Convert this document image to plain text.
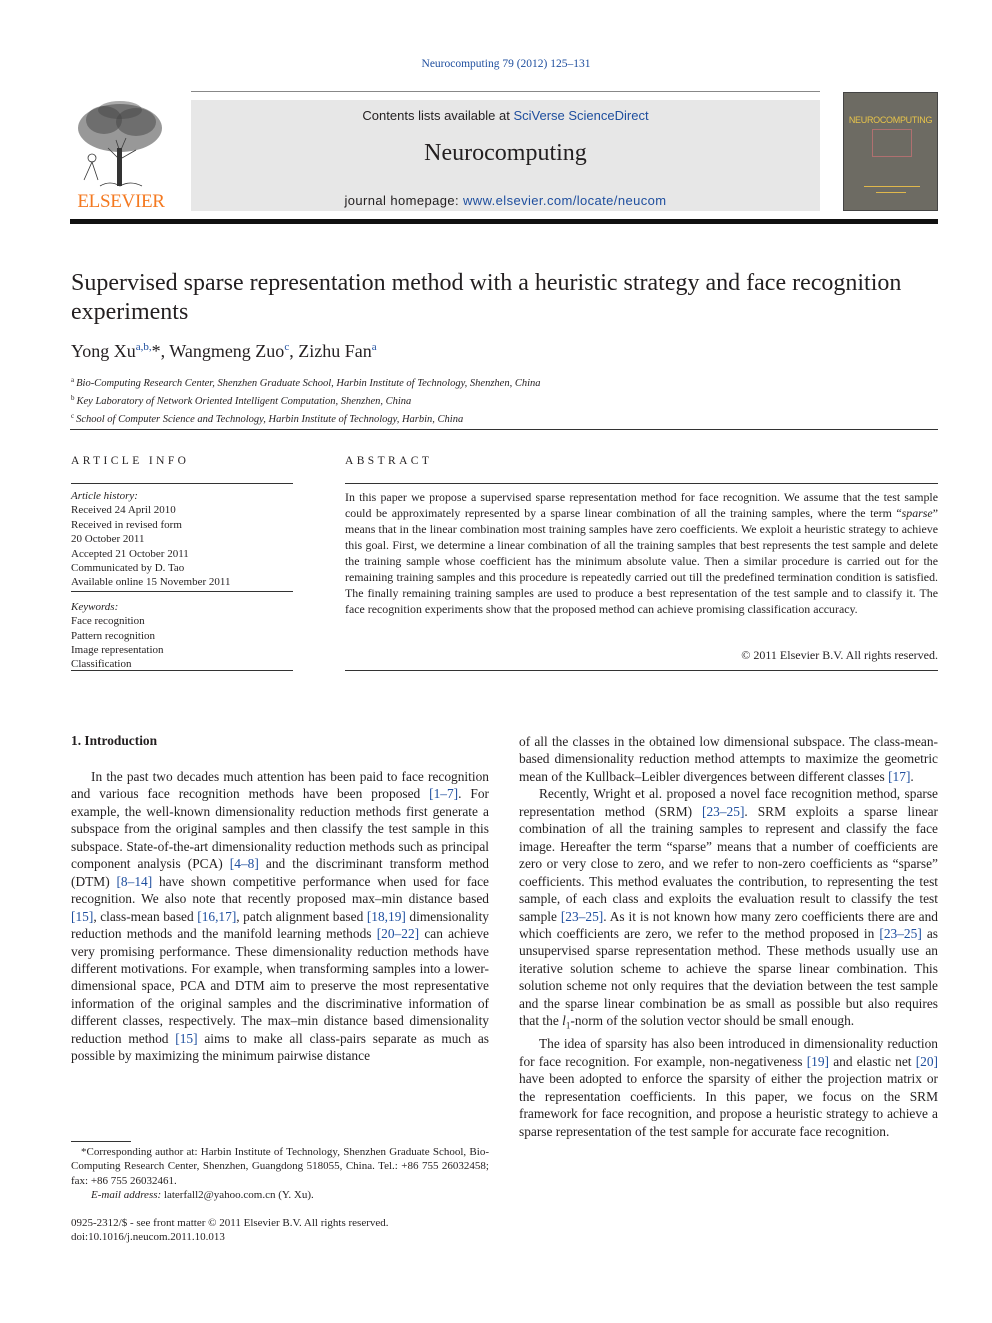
Neurocomputing 79 (2012) 125–131
ELSEVIER
Contents lists available at SciVerse ScienceDirect
Neurocomputing
journal homepage: www.elsevier.com/locate/neucom
NEUROCOMPUTING
Supervised sparse representation method with a heuristic strategy and face recognition experiments
Yong $Xu^{a,b,}*$, Wangmeng Zuo$^c$, Zizhu Fan$^a$
$^a$ Bio-Computing Research Center, Shenzhen Graduate School, Harbin Institute of Technology, Shenzhen, China
$^b$ Key Laboratory of Network Oriented Intelligent Computation, Shenzhen, China
$^c$ School of Computer Science and Technology, Harbin Institute of Technology, Harbin, China
ARTICLE INFO
Article history:
Received 24 April 2010
Received in revised form
20 October 2011
Accepted 21 October 2011
Communicated by D. Tao
Available online 15 November 2011
Keywords:
Face recognition
Pattern recognition
Image representation
Classification
ABSTRACT
In this paper we propose a supervised sparse representation method for face recognition. We assume that the test sample could be approximately represented by a sparse linear combination of all the training samples, where the term “sparse” means that in the linear combination most training samples have zero coefficients. We exploit a heuristic strategy to achieve this goal. First, we determine a linear combination of all the training samples that best represents the test sample and delete the training sample whose coefficient has the minimum absolute value. Then a similar procedure is carried out for the remaining training samples and this procedure is repeatedly carried out till the predefined termination condition is satisfied. The finally remaining training samples are used to produce a best representation of the test sample and to classify it. The face recognition experiments show that the proposed method can achieve promising classification accuracy.
© 2011 Elsevier B.V. All rights reserved.
1. Introduction

In the past two decades much attention has been paid to face recognition and various face recognition methods have been proposed [1–7]. For example, the well-known dimensionality reduction methods first generate a subspace from the original samples and then classify the test sample in this subspace. State-of-the-art dimensionality reduction methods such as principal component analysis (PCA) [4–8] and the discriminant transform method (DTM) [8–14] have shown competitive performance when used for face recognition. We also note that recently proposed max–min distance based [15], class-mean based [16,17], patch alignment based [18,19] dimensionality reduction methods and the manifold learning methods [20–22] can achieve very promising performance. These dimensionality reduction methods have different motivations. For example, when transforming samples into a lower-dimensional space, PCA and DTM aim to preserve the most representative information of the original samples and the discriminative information of different classes, respectively. The max–min distance based dimensionality reduction method [15] aims to make all class-pairs separate as much as possible by maximizing the minimum pairwise distance

of all the classes in the obtained low dimensional subspace. The class-mean-based dimensionality reduction method attempts to maximize the geometric mean of the Kullback–Leibler divergences between different classes [17].

Recently, Wright et al. proposed a novel face recognition method, sparse representation method (SRM) [23–25]. SRM exploits a sparse linear combination of all the training samples to represent and classify the face image. Hereafter the term “sparse” means that a number of coefficients are zero or very close to zero, and we refer to non-zero coefficients as “sparse” coefficients. This method evaluates the contribution, to representing the test sample, of each class and exploits the evaluation result to classify the test sample [23–25]. As it is not known how many zero coefficients there are and which coefficients are zero, we refer to the method proposed in [23–25] as unsupervised sparse representation method. These methods usually use an iterative solution scheme to achieve the sparse linear combination. This solution scheme not only requires that the deviation between the test sample and the sparse linear combination be as small as possible but also requires that the $l_1$-norm of the solution vector should be small enough.

The idea of sparsity has also been introduced in dimensionality reduction for face recognition. For example, non-negativeness [19] and elastic net [20] have been adopted to enforce the sparsity of either the projection matrix or the representation coefficients. In this paper, we focus on the SRM framework for face recognition, and propose a heuristic strategy to achieve a sparse representation of the test sample for accurate face recognition.

*Corresponding author at: Harbin Institute of Technology, Shenzhen Graduate School, Bio-Computing Research Center, Shenzhen, Guangdong 518055, China. Tel.: +86 755 26032458; fax: +86 755 26032461.
E-mail address: laterfall2@yahoo.com.cn (Y. Xu).
0925-2312/$ - see front matter © 2011 Elsevier B.V. All rights reserved.
doi:10.1016/j.neucom.2011.10.013
